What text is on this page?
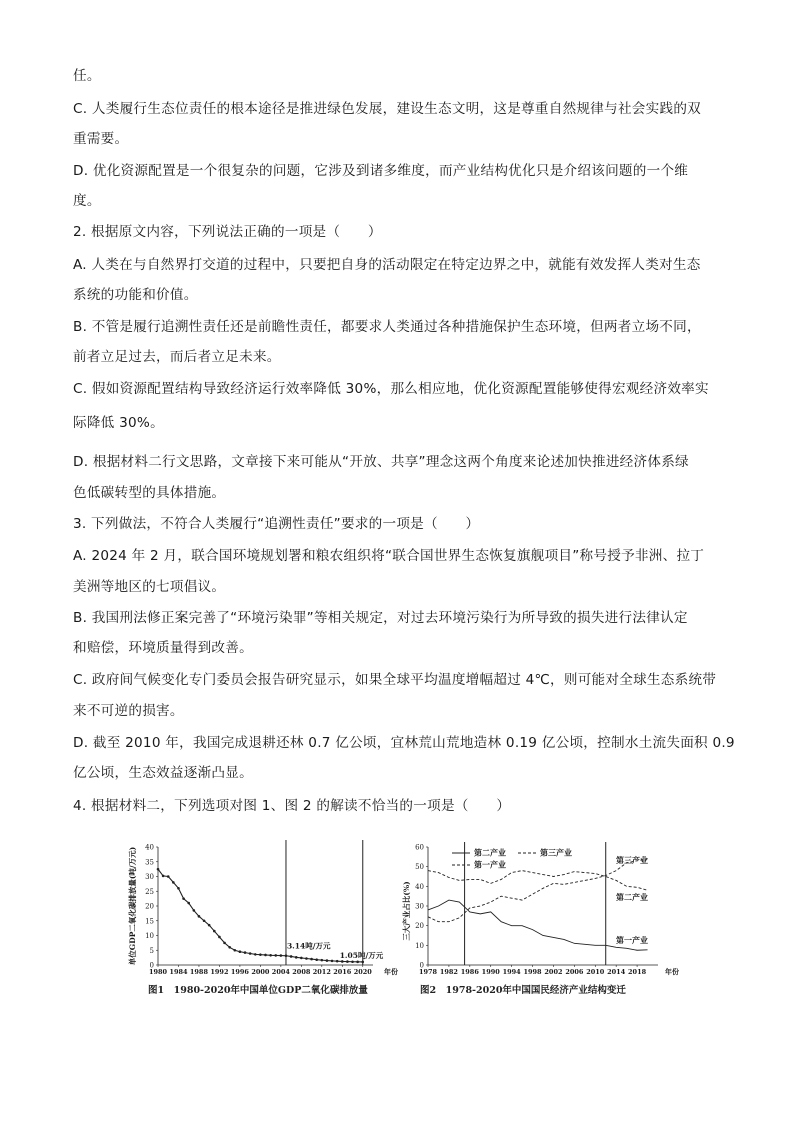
任。
C. 人类履行生态位责任的根本途径是推进绿色发展，建设生态文明，这是尊重自然规律与社会实践的双
重需要。
D. 优化资源配置是一个很复杂的问题，它涉及到诸多维度，而产业结构优化只是介绍该问题的一个维
度。
2. 根据原文内容，下列说法正确的一项是（　　）
A. 人类在与自然界打交道的过程中，只要把自身的活动限定在特定边界之中，就能有效发挥人类对生态
系统的功能和价值。
B. 不管是履行追溯性责任还是前瞻性责任，都要求人类通过各种措施保护生态环境，但两者立场不同，
前者立足过去，而后者立足未来。
C. 假如资源配置结构导致经济运行效率降低 30%，那么相应地，优化资源配置能够使得宏观经济效率实
际降低 30%。
D. 根据材料二行文思路，文章接下来可能从“开放、共享”理念这两个角度来论述加快推进经济体系绿
色低碳转型的具体措施。
3. 下列做法，不符合人类履行“追溯性责任”要求的一项是（　　）
A. 2024 年 2 月，联合国环境规划署和粮农组织将“联合国世界生态恢复旗舰项目”称号授予非洲、拉丁
美洲等地区的七项倡议。
B. 我国刑法修正案完善了“环境污染罪”等相关规定，对过去环境污染行为所导致的损失进行法律认定
和赔偿，环境质量得到改善。
C. 政府间气候变化专门委员会报告研究显示，如果全球平均温度增幅超过 4℃，则可能对全球生态系统带
来不可逆的损害。
D. 截至 2010 年，我国完成退耕还林 0.7 亿公顷，宜林荒山荒地造林 0.19 亿公顷，控制水土流失面积 0.9
亿公顷，生态效益逐渐凸显。
4. 根据材料二，下列选项对图 1、图 2 的解读不恰当的一项是（　　）
0
5
10
15
20
25
30
35
40
1980 1984 1988 1992 1996 2000 2004 2008 2012 2016 2020 年份
单位GDP二氧化碳排放量(吨/万元)	3.14吨/万元
1.05吨/万元
0
10
20
30
40
50
60
1978 1982 1986 1990 1994 1998 2002 2006 2010 2014 2018	年份
三大产业占比(%)
第二产业	第三产业
第一产业	第三产业
第二产业
第一产业
图1　1980-2020年中国单位GDP二氧化碳排放量	图2　1978-2020年中国国民经济产业结构变迁
